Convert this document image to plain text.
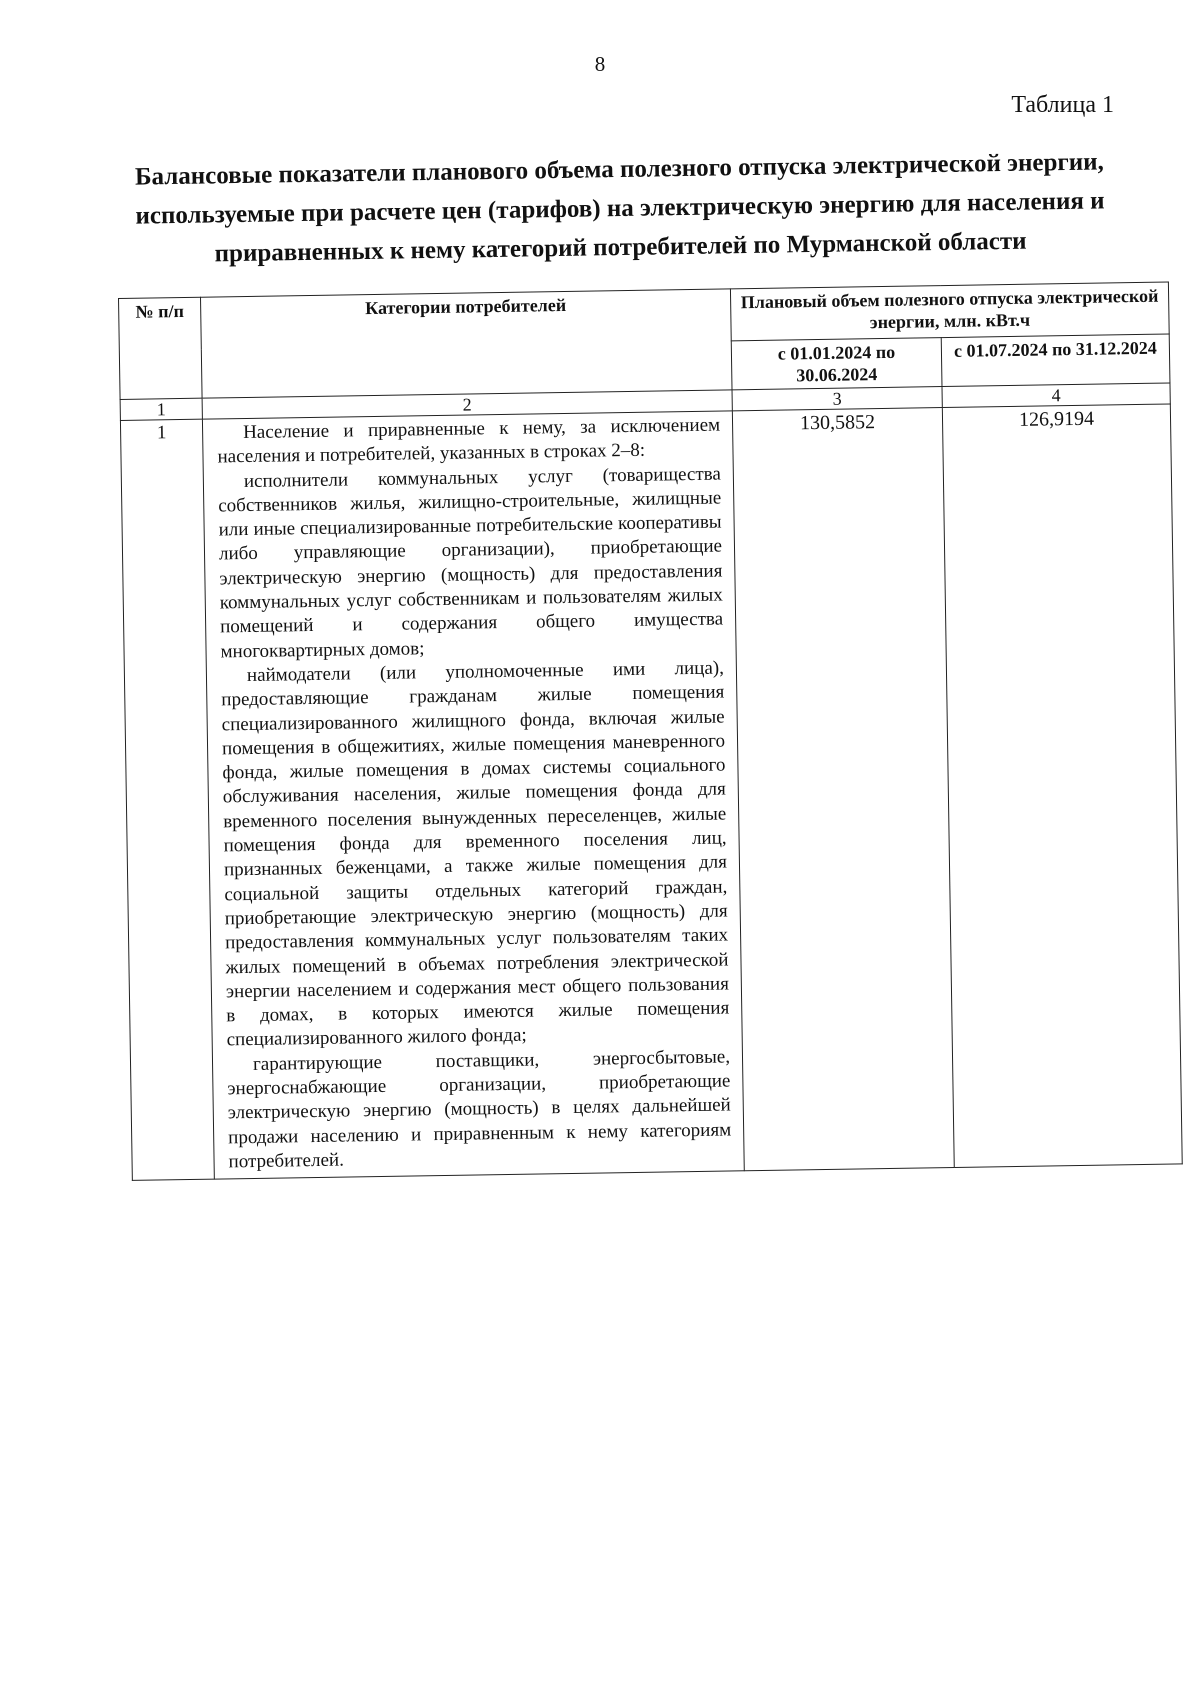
8
Таблица 1
Балансовые показатели планового объема полезного отпуска электрической энергии, используемые при расчете цен (тарифов) на электрическую энергию для населения и приравненных к нему категорий потребителей по Мурманской области
№ п/п	Категории потребителей	Плановый объем полезного отпуска электрической энергии, млн. кВт.ч	
		с 01.01.2024 по 30.06.2024	с 01.07.2024 по 31.12.2024
1	2	3	4
1	Население и приравненные к нему, за исключением населения и потребителей, указанных в строках 2–8:

исполнители коммунальных услуг (товарищества собственников жилья, жилищно-строительные, жилищные или иные специализированные потребительские кооперативы либо управляющие организации), приобретающие электрическую энергию (мощность) для предоставления коммунальных услуг собственникам и пользователям жилых помещений и содержания общего имущества многоквартирных домов;

наймодатели (или уполномоченные ими лица), предоставляющие гражданам жилые помещения специализированного жилищного фонда, включая жилые помещения в общежитиях, жилые помещения маневренного фонда, жилые помещения в домах системы социального обслуживания населения, жилые помещения фонда для временного поселения вынужденных переселенцев, жилые помещения фонда для временного поселения лиц, признанных беженцами, а также жилые помещения для социальной защиты отдельных категорий граждан, приобретающие электрическую энергию (мощность) для предоставления коммунальных услуг пользователям таких жилых помещений в объемах потребления электрической энергии населением и содержания мест общего пользования в домах, в которых имеются жилые помещения специализированного жилого фонда;

гарантирующие поставщики, энергосбытовые, энергоснабжающие организации, приобретающие электрическую энергию (мощность) в целях дальнейшей продажи населению и приравненным к нему категориям потребителей.	130,5852	126,9194
